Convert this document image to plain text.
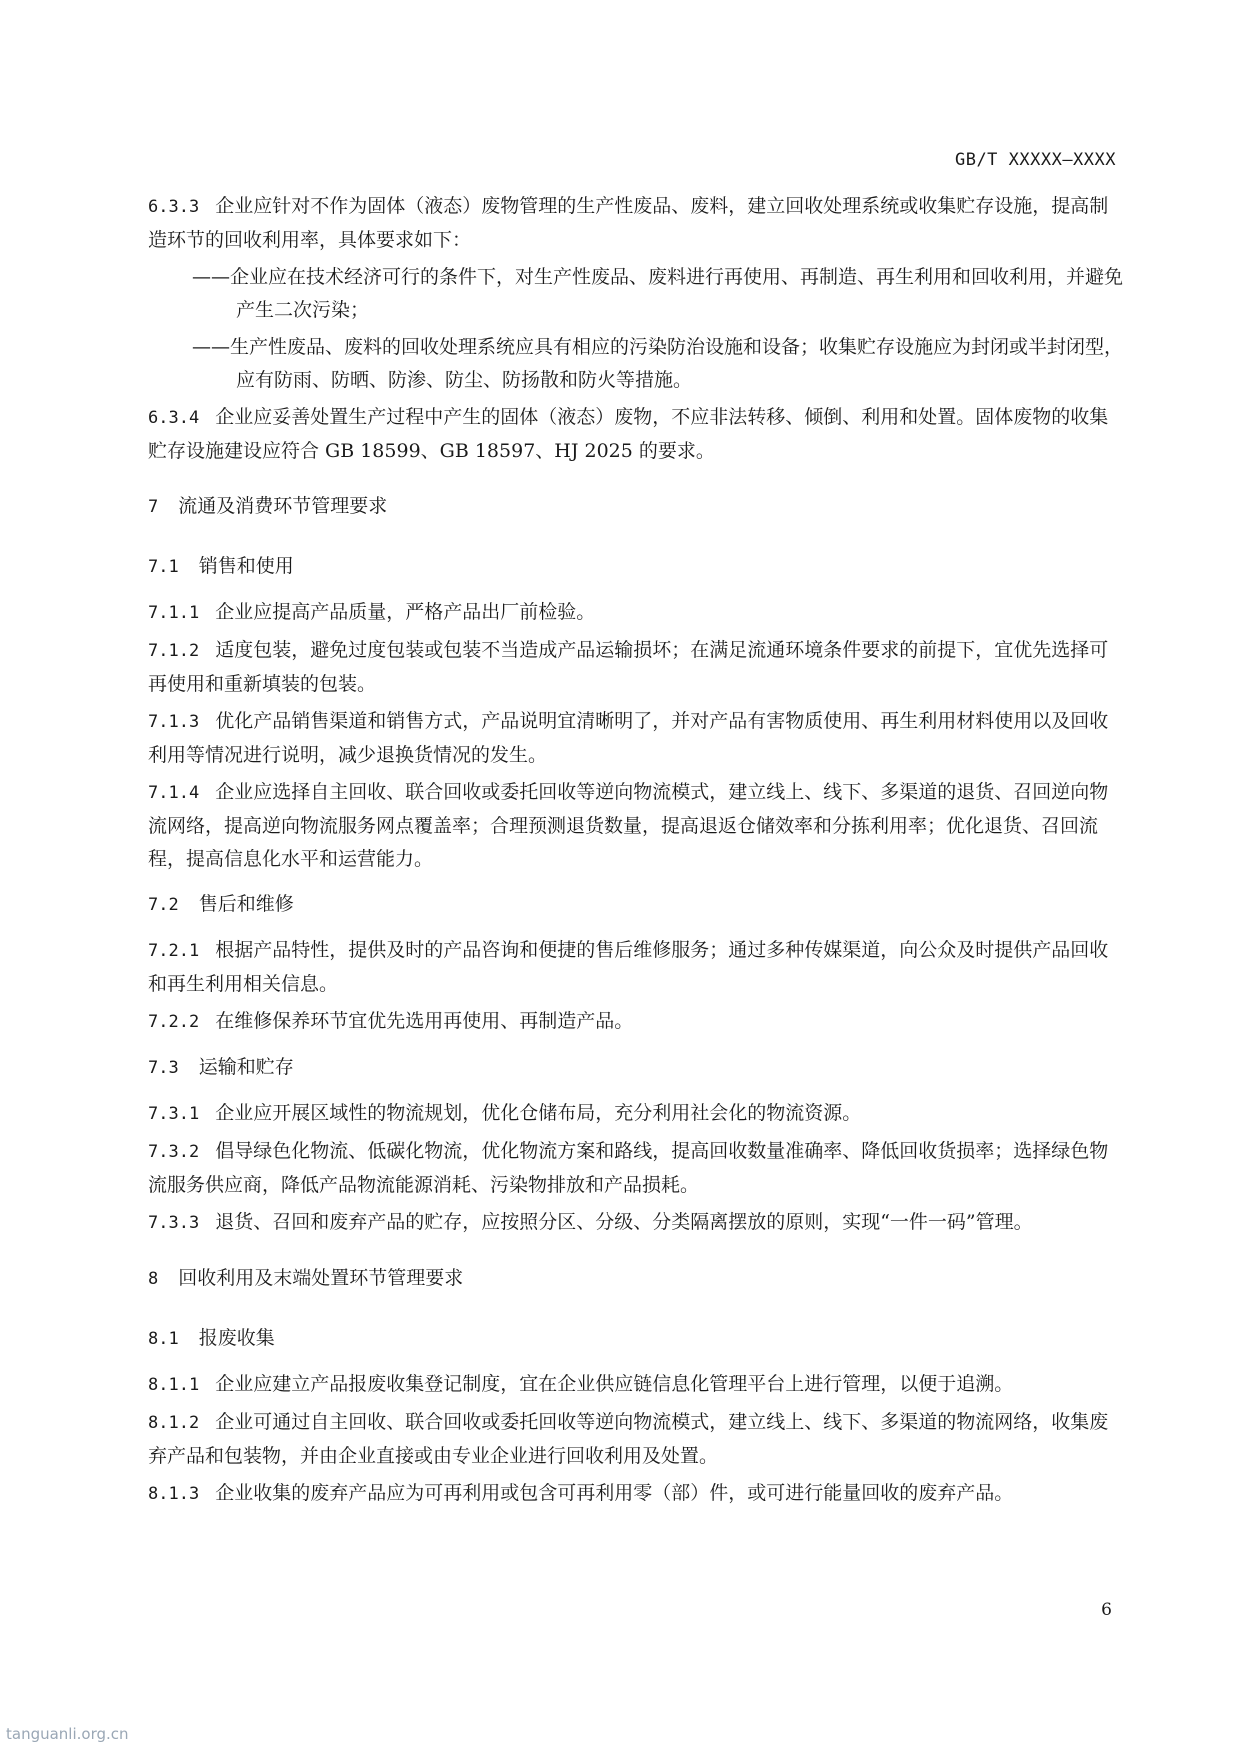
GB/T XXXXX—XXXX

6.3.3 企业应针对不作为固体（液态）废物管理的生产性废品、废料，建立回收处理系统或收集贮存设施，提高制造环节的回收利用率，具体要求如下：

——企业应在技术经济可行的条件下，对生产性废品、废料进行再使用、再制造、再生利用和回收利用，并避免产生二次污染；
——生产性废品、废料的回收处理系统应具有相应的污染防治设施和设备；收集贮存设施应为封闭或半封闭型，应有防雨、防晒、防渗、防尘、防扬散和防火等措施。

6.3.4 企业应妥善处置生产过程中产生的固体（液态）废物，不应非法转移、倾倒、利用和处置。固体废物的收集贮存设施建设应符合 GB 18599、GB 18597、HJ 2025 的要求。

7 流通及消费环节管理要求
7.1 销售和使用

7.1.1 企业应提高产品质量，严格产品出厂前检验。

7.1.2 适度包装，避免过度包装或包装不当造成产品运输损坏；在满足流通环境条件要求的前提下，宜优先选择可再使用和重新填装的包装。

7.1.3 优化产品销售渠道和销售方式，产品说明宜清晰明了，并对产品有害物质使用、再生利用材料使用以及回收利用等情况进行说明，减少退换货情况的发生。

7.1.4 企业应选择自主回收、联合回收或委托回收等逆向物流模式，建立线上、线下、多渠道的退货、召回逆向物流网络，提高逆向物流服务网点覆盖率；合理预测退货数量，提高退返仓储效率和分拣利用率；优化退货、召回流程，提高信息化水平和运营能力。

7.2 售后和维修

7.2.1 根据产品特性，提供及时的产品咨询和便捷的售后维修服务；通过多种传媒渠道，向公众及时提供产品回收和再生利用相关信息。

7.2.2 在维修保养环节宜优先选用再使用、再制造产品。

7.3 运输和贮存

7.3.1 企业应开展区域性的物流规划，优化仓储布局，充分利用社会化的物流资源。

7.3.2 倡导绿色化物流、低碳化物流，优化物流方案和路线，提高回收数量准确率、降低回收货损率；选择绿色物流服务供应商，降低产品物流能源消耗、污染物排放和产品损耗。

7.3.3 退货、召回和废弃产品的贮存，应按照分区、分级、分类隔离摆放的原则，实现“一件一码”管理。

8 回收利用及末端处置环节管理要求
8.1 报废收集

8.1.1 企业应建立产品报废收集登记制度，宜在企业供应链信息化管理平台上进行管理，以便于追溯。

8.1.2 企业可通过自主回收、联合回收或委托回收等逆向物流模式，建立线上、线下、多渠道的物流网络，收集废弃产品和包装物，并由企业直接或由专业企业进行回收利用及处置。

8.1.3 企业收集的废弃产品应为可再利用或包含可再利用零（部）件，或可进行能量回收的废弃产品。

6
tanguanli.org.cn
